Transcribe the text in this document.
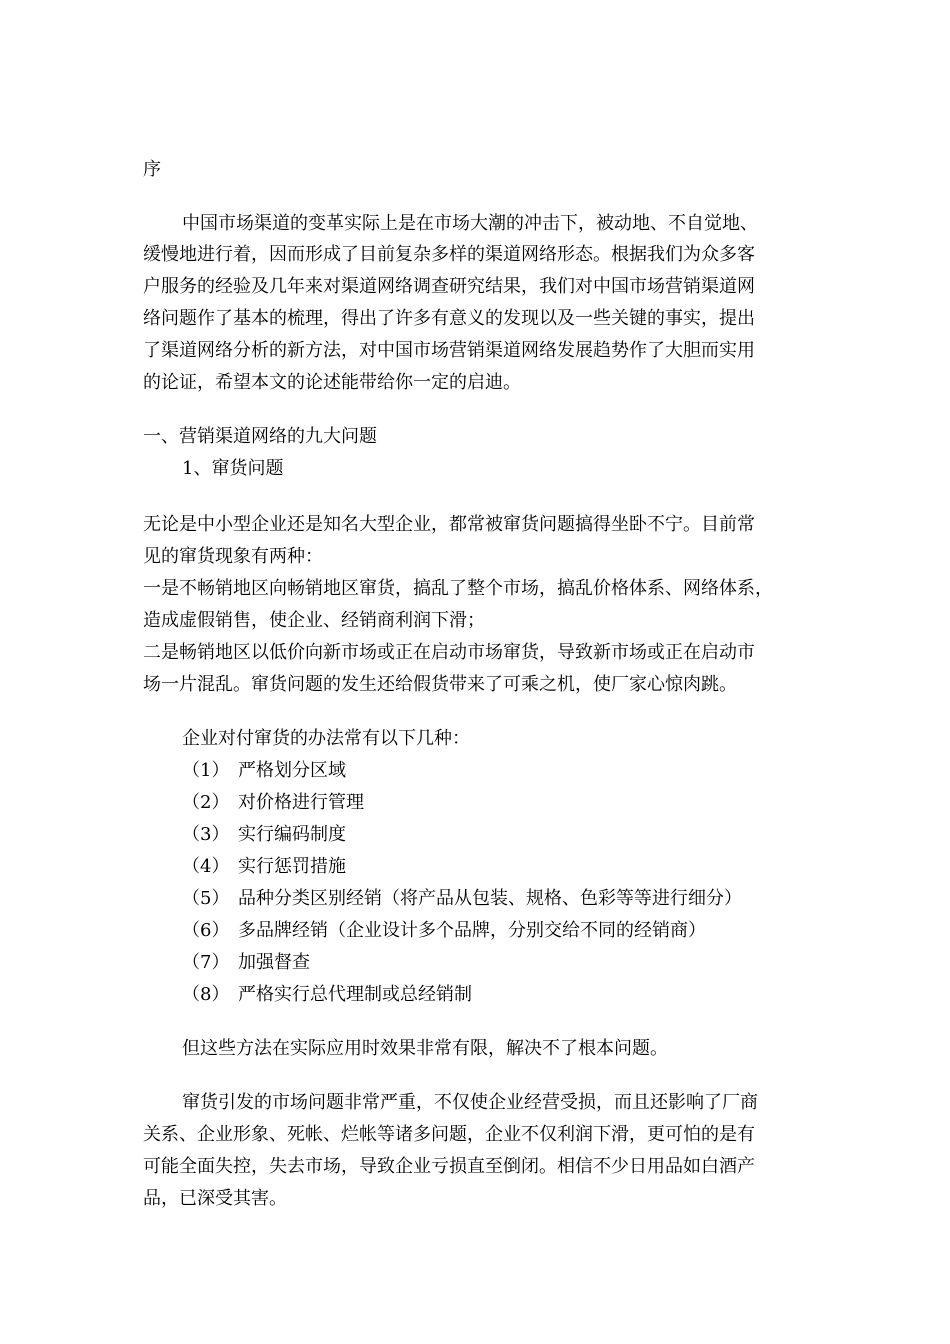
序
中国市场渠道的变革实际上是在市场大潮的冲击下，被动地、不自觉地、
缓慢地进行着，因而形成了目前复杂多样的渠道网络形态。根据我们为众多客
户服务的经验及几年来对渠道网络调查研究结果，我们对中国市场营销渠道网
络问题作了基本的梳理，得出了许多有意义的发现以及一些关键的事实，提出
了渠道网络分析的新方法，对中国市场营销渠道网络发展趋势作了大胆而实用
的论证，希望本文的论述能带给你一定的启迪。
一、营销渠道网络的九大问题
1、窜货问题
无论是中小型企业还是知名大型企业，都常被窜货问题搞得坐卧不宁。目前常
见的窜货现象有两种：
一是不畅销地区向畅销地区窜货，搞乱了整个市场，搞乱价格体系、网络体系，
造成虚假销售，使企业、经销商利润下滑；
二是畅销地区以低价向新市场或正在启动市场窜货，导致新市场或正在启动市
场一片混乱。窜货问题的发生还给假货带来了可乘之机，使厂家心惊肉跳。
企业对付窜货的办法常有以下几种：
（1） 严格划分区域
（2） 对价格进行管理
（3） 实行编码制度
（4） 实行惩罚措施
（5） 品种分类区别经销（将产品从包装、规格、色彩等等进行细分）
（6） 多品牌经销（企业设计多个品牌，分别交给不同的经销商）
（7） 加强督查
（8） 严格实行总代理制或总经销制
但这些方法在实际应用时效果非常有限，解决不了根本问题。
窜货引发的市场问题非常严重，不仅使企业经营受损，而且还影响了厂商
关系、企业形象、死帐、烂帐等诸多问题，企业不仅利润下滑，更可怕的是有
可能全面失控，失去市场，导致企业亏损直至倒闭。相信不少日用品如白酒产
品，已深受其害。
